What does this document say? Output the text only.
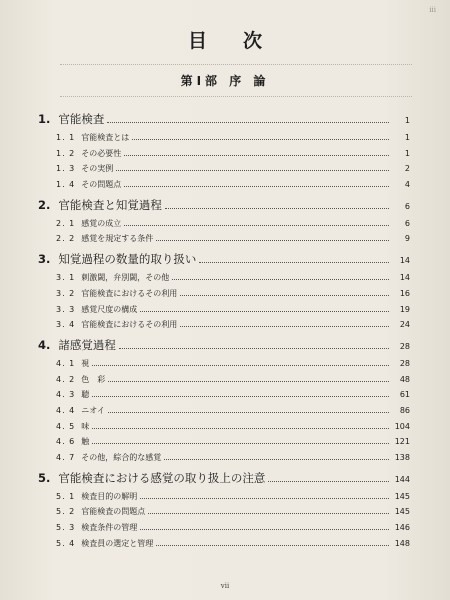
iii
目次
第Ⅰ部 序 論
1. 官能検査	1
1. 1 官能検査とは	1
1. 2 その必要性	1
1. 3 その実例	2
1. 4 その問題点	4
2. 官能検査と知覚過程	6
2. 1 感覚の成立	6
2. 2 感覚を規定する条件	9
3. 知覚過程の数量的取り扱い	14
3. 1 刺激閾，弁別閾，その他	14
3. 2 官能検査におけるその利用	16
3. 3 感覚尺度の構成	19
3. 4 官能検査におけるその利用	24
4. 諸感覚過程	28
4. 1 視	28
4. 2 色　彩	48
4. 3 聴	61
4. 4 ニオイ	86
4. 5 味	104
4. 6 触	121
4. 7 その他，綜合的な感覚	138
5. 官能検査における感覚の取り扱上の注意	144
5. 1 検査目的の解明	145
5. 2 官能検査の問題点	145
5. 3 検査条件の管理	146
5. 4 検査員の選定と管理	148
vii
